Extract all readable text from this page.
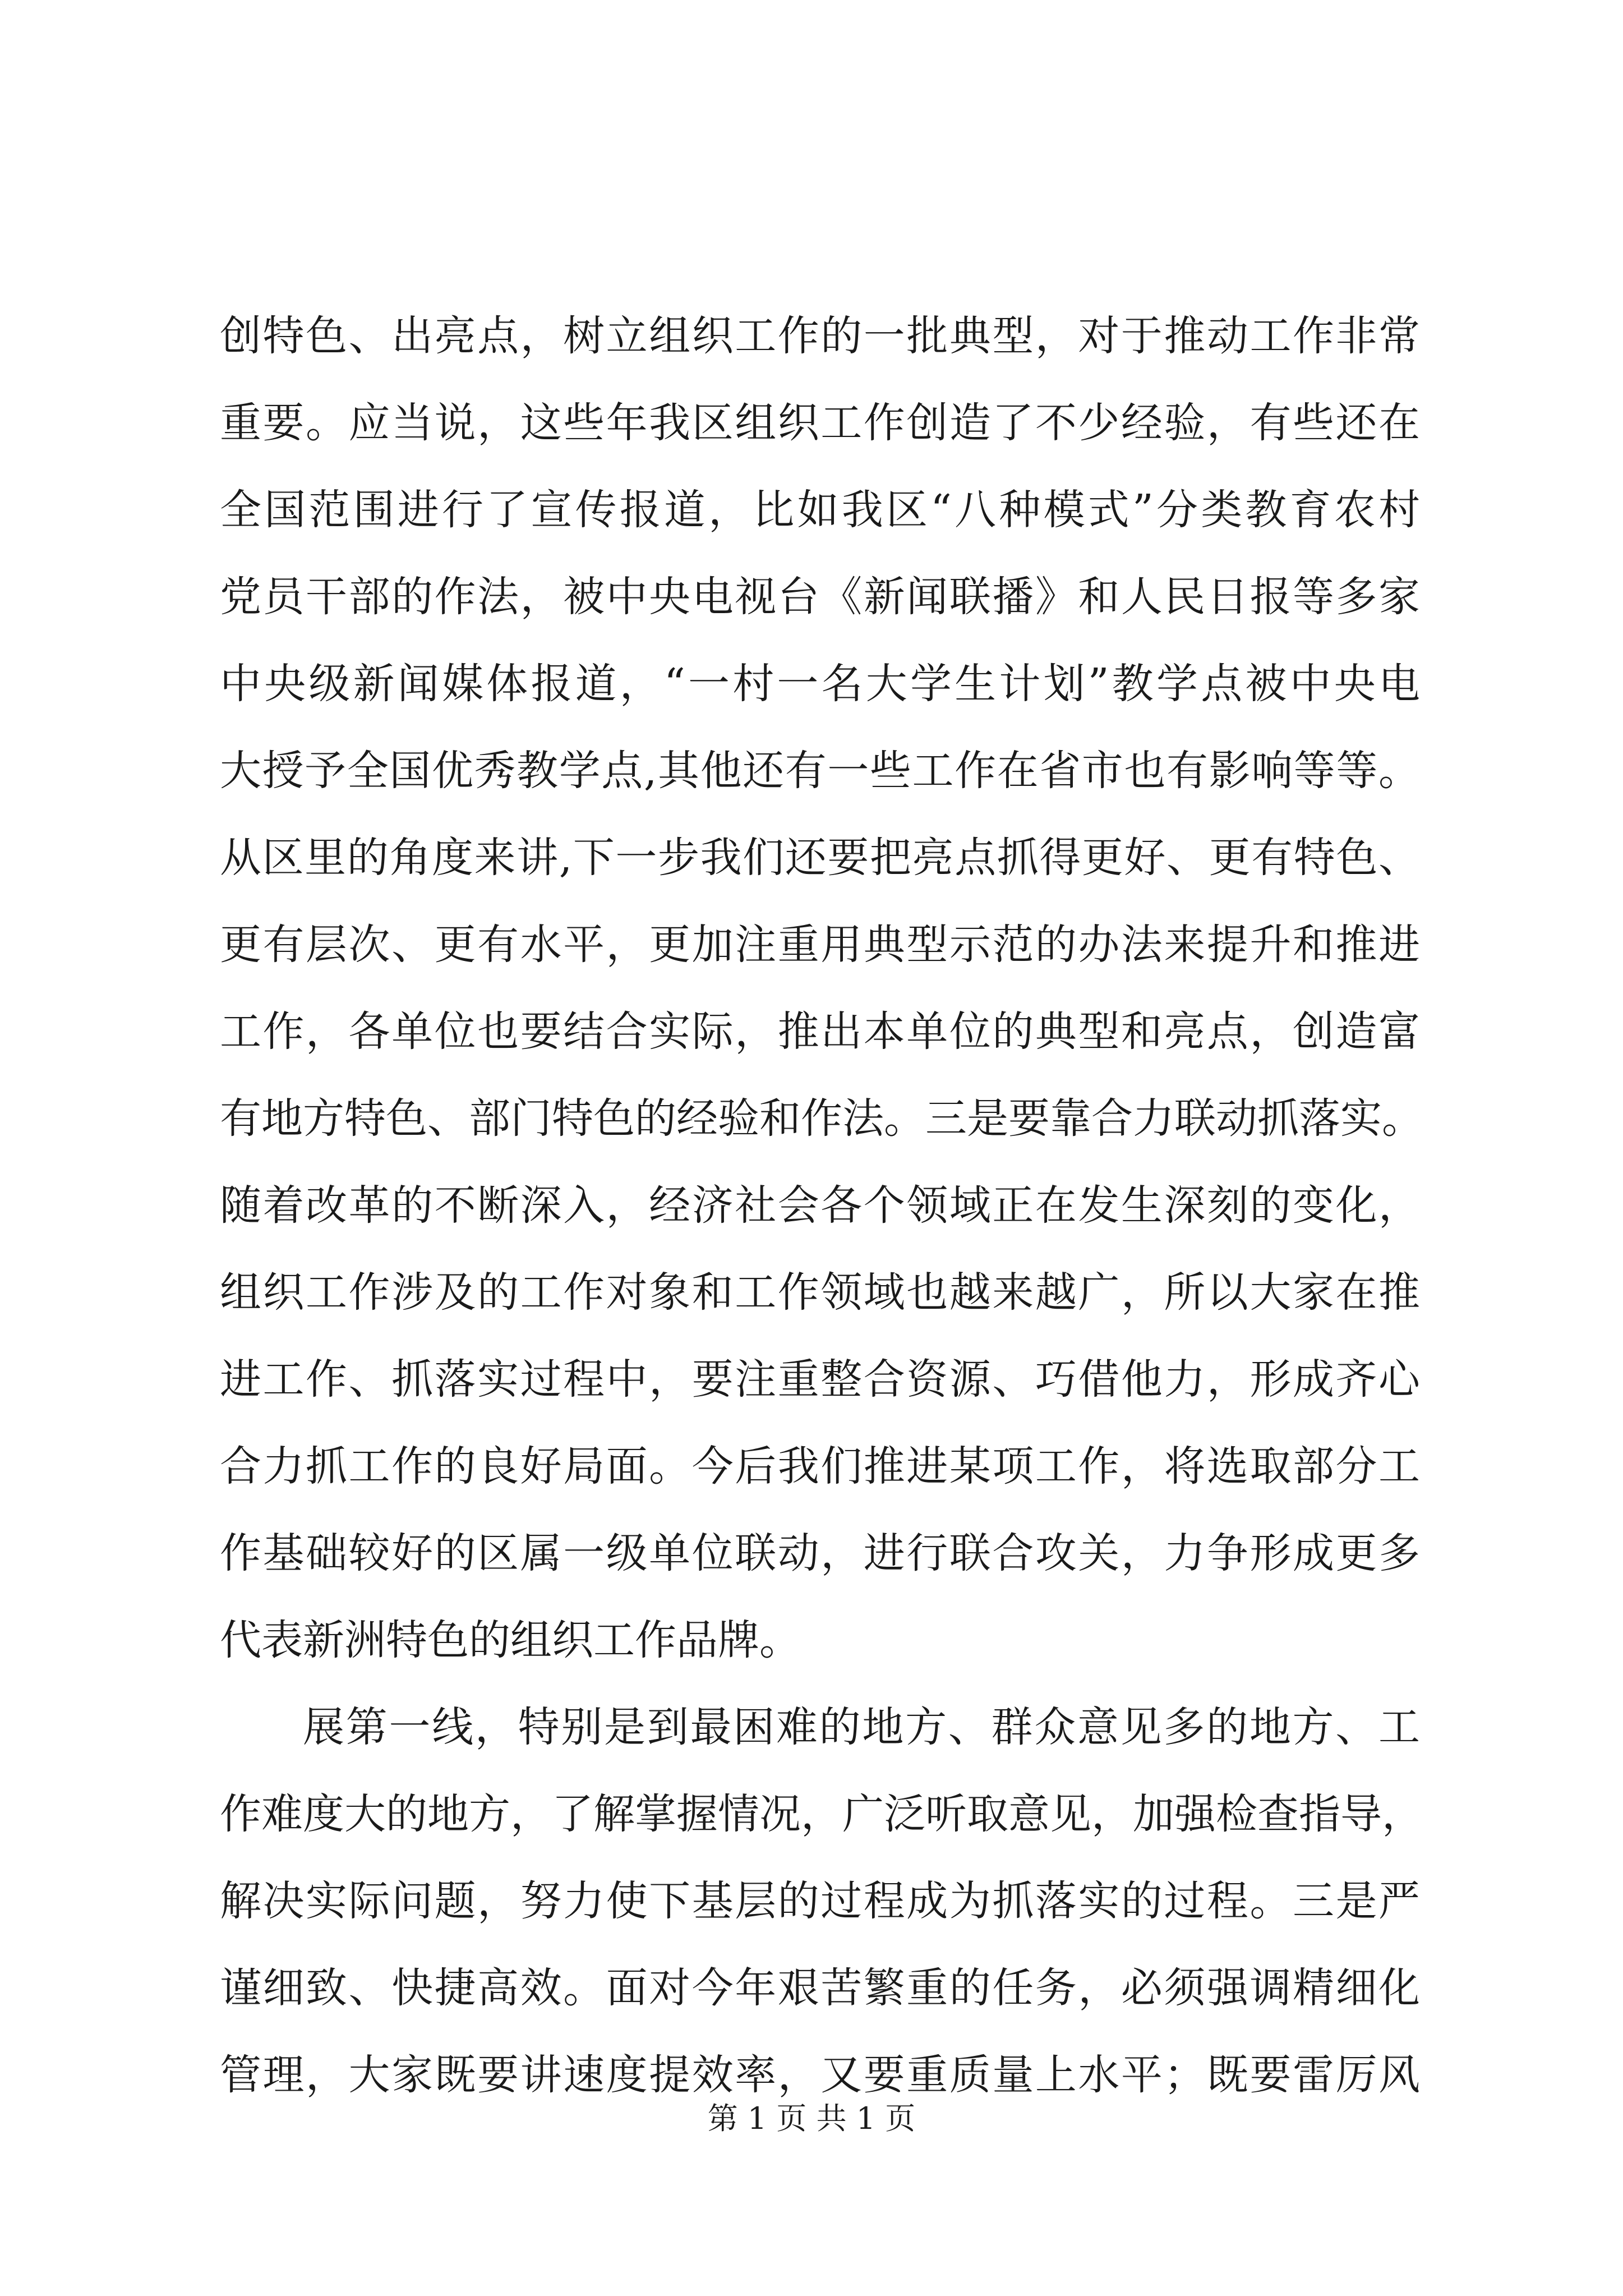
创特色、出亮点，树立组织工作的一批典型，对于推动工作非常
重要。应当说，这些年我区组织工作创造了不少经验，有些还在
全国范围进行了宣传报道，比如我区“八种模式”分类教育农村
党员干部的作法，被中央电视台《新闻联播》和人民日报等多家
中央级新闻媒体报道，“一村一名大学生计划”教学点被中央电
大授予全国优秀教学点,其他还有一些工作在省市也有影响等等。
从区里的角度来讲,下一步我们还要把亮点抓得更好、更有特色、
更有层次、更有水平，更加注重用典型示范的办法来提升和推进
工作，各单位也要结合实际，推出本单位的典型和亮点，创造富
有地方特色、部门特色的经验和作法。三是要靠合力联动抓落实。
随着改革的不断深入，经济社会各个领域正在发生深刻的变化，
组织工作涉及的工作对象和工作领域也越来越广，所以大家在推
进工作、抓落实过程中，要注重整合资源、巧借他力，形成齐心
合力抓工作的良好局面。今后我们推进某项工作，将选取部分工
作基础较好的区属一级单位联动，进行联合攻关，力争形成更多
代表新洲特色的组织工作品牌。
展第一线，特别是到最困难的地方、群众意见多的地方、工
作难度大的地方，了解掌握情况，广泛听取意见，加强检查指导，
解决实际问题，努力使下基层的过程成为抓落实的过程。三是严
谨细致、快捷高效。面对今年艰苦繁重的任务，必须强调精细化
管理，大家既要讲速度提效率，又要重质量上水平；既要雷厉风
第 1 页 共 1 页
